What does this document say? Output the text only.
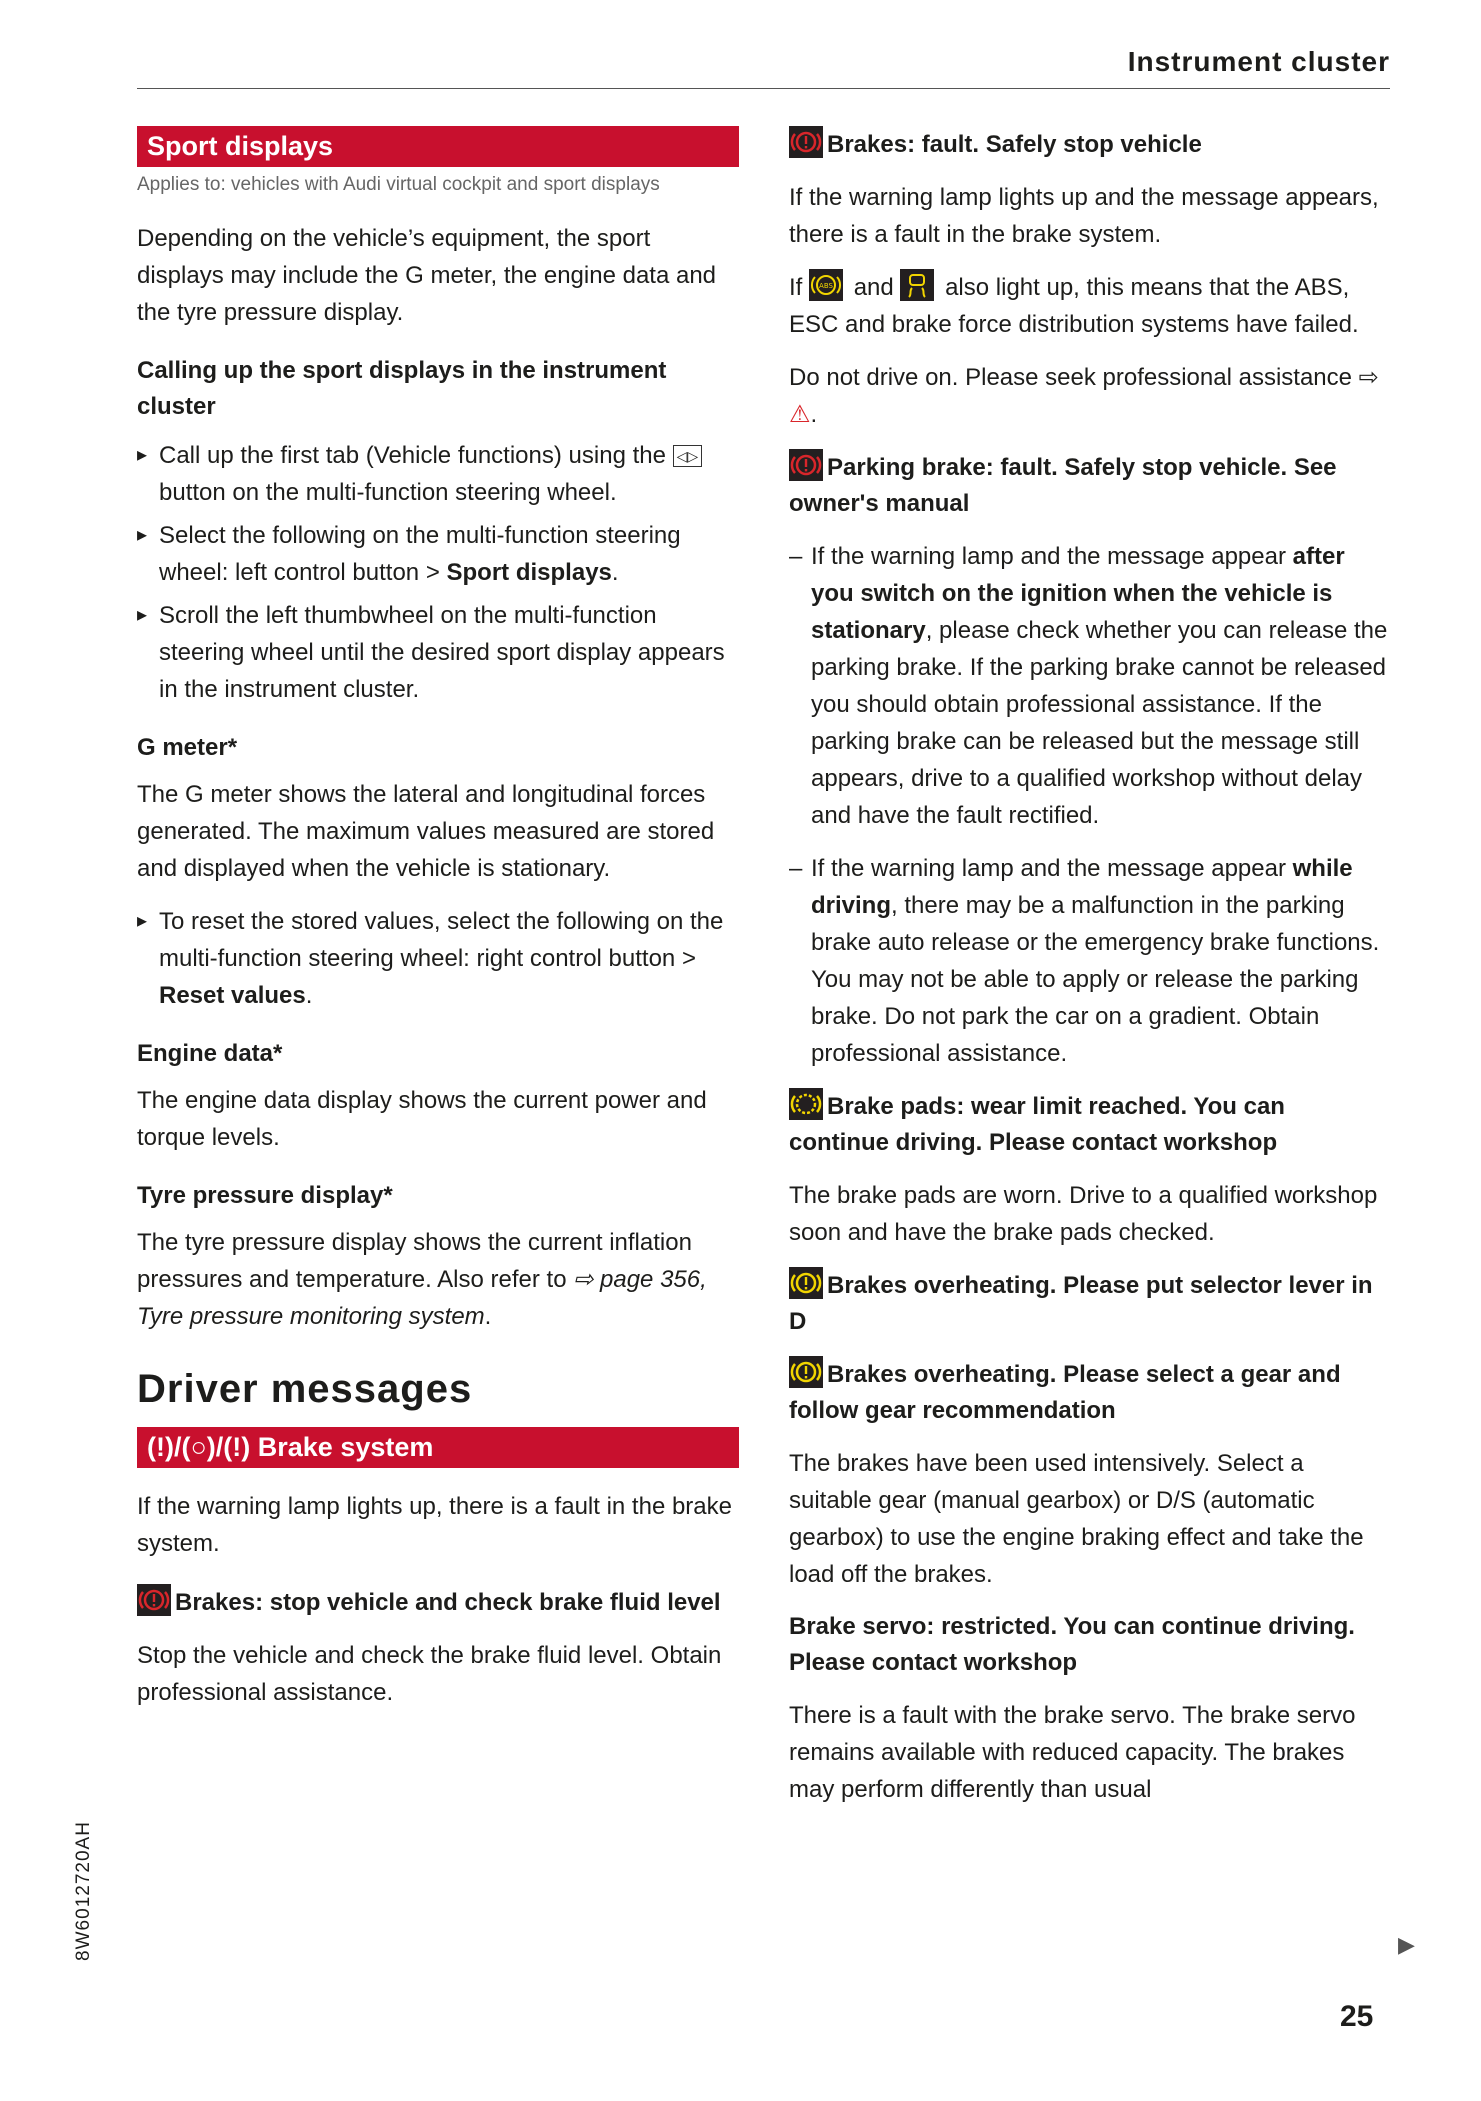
Instrument cluster
Sport displays
Applies to: vehicles with Audi virtual cockpit and sport displays
Depending on the vehicle’s equipment, the sport displays may include the G meter, the engine data and the tyre pressure display.
Calling up the sport displays in the instrument cluster
▸ Call up the first tab (Vehicle functions) using the ◁▷ button on the multi-function steering wheel.
▸ Select the following on the multi-function steering wheel: left control button > Sport displays.
▸ Scroll the left thumbwheel on the multi-function steering wheel until the desired sport display appears in the instrument cluster.
G meter*
The G meter shows the lateral and longitudinal forces generated. The maximum values measured are stored and displayed when the vehicle is stationary.
▸ To reset the stored values, select the following on the multi-function steering wheel: right control button > Reset values.
Engine data*
The engine data display shows the current power and torque levels.
Tyre pressure display*
The tyre pressure display shows the current inflation pressures and temperature. Also refer to ⇨ page 356, Tyre pressure monitoring system.
Driver messages
(!)/(○)/(!) Brake system
If the warning lamp lights up, there is a fault in the brake system.
Brakes: stop vehicle and check brake fluid level
Stop the vehicle and check the brake fluid level. Obtain professional assistance.
Brakes: fault. Safely stop vehicle
If the warning lamp lights up and the message appears, there is a fault in the brake system.
If ABS and also light up, this means that the ABS, ESC and brake force distribution systems have failed.
Do not drive on. Please seek professional assistance ⇨ ⚠.
Parking brake: fault. Safely stop vehicle. See owner's manual
– If the warning lamp and the message appear after you switch on the ignition when the vehicle is stationary, please check whether you can release the parking brake. If the parking brake cannot be released you should obtain professional assistance. If the parking brake can be released but the message still appears, drive to a qualified workshop without delay and have the fault rectified.
– If the warning lamp and the message appear while driving, there may be a malfunction in the parking brake auto release or the emergency brake functions. You may not be able to apply or release the parking brake. Do not park the car on a gradient. Obtain professional assistance.
Brake pads: wear limit reached. You can continue driving. Please contact workshop
The brake pads are worn. Drive to a qualified workshop soon and have the brake pads checked.
Brakes overheating. Please put selector lever in D
Brakes overheating. Please select a gear and follow gear recommendation
The brakes have been used intensively. Select a suitable gear (manual gearbox) or D/S (automatic gearbox) to use the engine braking effect and take the load off the brakes.
Brake servo: restricted. You can continue driving. Please contact workshop
There is a fault with the brake servo. The brake servo remains available with reduced capacity. The brakes may perform differently than usual
8W6012720AH	▶
25
